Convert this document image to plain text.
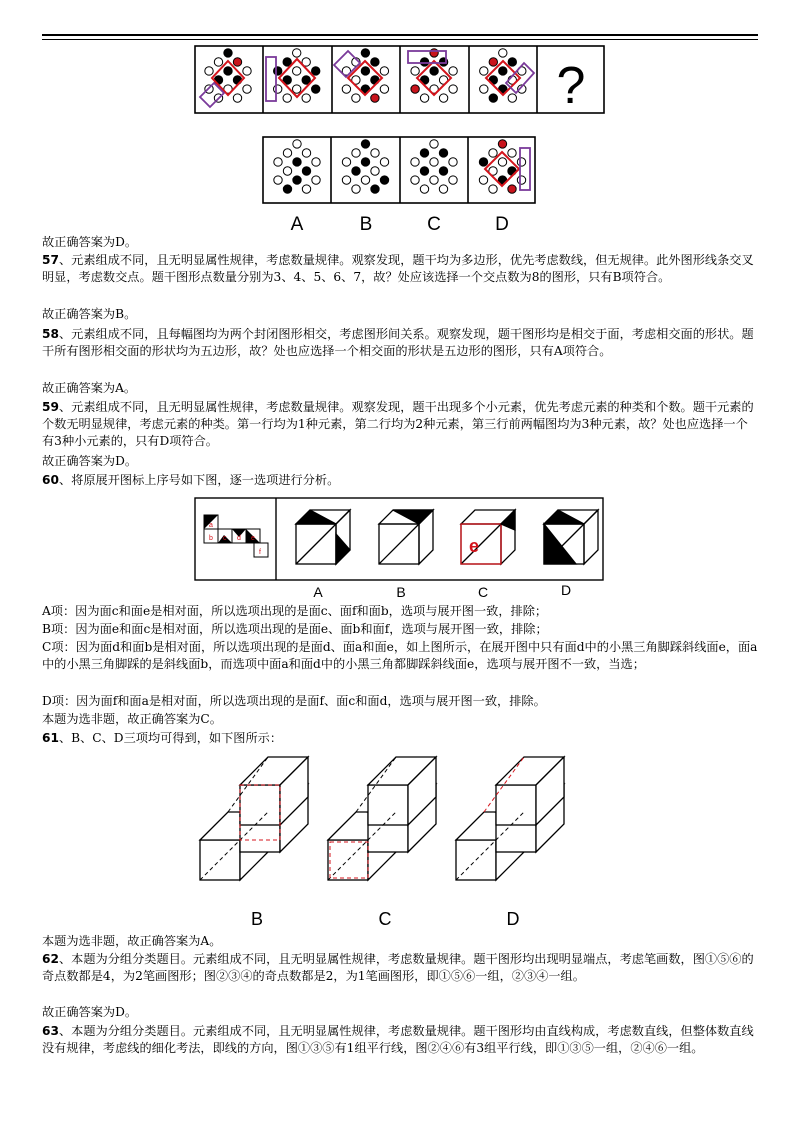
?
A	B	C	D

故正确答案为D。

57、元素组成不同，且无明显属性规律，考虑数量规律。观察发现，题干均为多边形，优先考虑数线，但无规律。此外图形线条交叉明显，考虑数交点。题干图形点数量分别为3、4、5、6、7，故？处应该选择一个交点数为8的图形，只有B项符合。

故正确答案为B。

58、元素组成不同，且每幅图均为两个封闭图形相交，考虑图形间关系。观察发现，题干图形均是相交于面，考虑相交面的形状。题干所有图形相交面的形状均为五边形，故？处也应选择一个相交面的形状是五边形的图形，只有A项符合。

故正确答案为A。

59、元素组成不同，且无明显属性规律，考虑数量规律。观察发现，题干出现多个小元素，优先考虑元素的种类和个数。题干元素的个数无明显规律，考虑元素的种类。第一行均为1种元素，第二行均为2种元素，第三行前两幅图均为3种元素，故？处也应选择一个有3种小元素的，只有D项符合。

故正确答案为D。

60、将原展开图标上序号如下图，逐一选项进行分析。

a
b c d e
f	e
A	B	C	D

A项：因为面c和面e是相对面，所以选项出现的是面c、面f和面b，选项与展开图一致，排除；

B项：因为面e和面c是相对面，所以选项出现的是面e、面b和面f，选项与展开图一致，排除；

C项：因为面d和面b是相对面，所以选项出现的是面d、面a和面e，如上图所示，在展开图中只有面d中的小黑三角脚踩斜线面e，面a中的小黑三角脚踩的是斜线面b，而选项中面a和面d中的小黑三角都脚踩斜线面e，选项与展开图不一致，当选；

D项：因为面f和面a是相对面，所以选项出现的是面f、面c和面d，选项与展开图一致，排除。

本题为选非题，故正确答案为C。

61、B、C、D三项均可得到，如下图所示：

B	C	D

本题为选非题，故正确答案为A。

62、本题为分组分类题目。元素组成不同，且无明显属性规律，考虑数量规律。题干图形均出现明显端点，考虑笔画数，图①⑤⑥的奇点数都是4，为2笔画图形；图②③④的奇点数都是2，为1笔画图形，即①⑤⑥一组，②③④一组。

故正确答案为D。

63、本题为分组分类题目。元素组成不同，且无明显属性规律，考虑数量规律。题干图形均由直线构成，考虑数直线，但整体数直线没有规律，考虑线的细化考法，即线的方向，图①③⑤有1组平行线，图②④⑥有3组平行线，即①③⑤一组，②④⑥一组。
